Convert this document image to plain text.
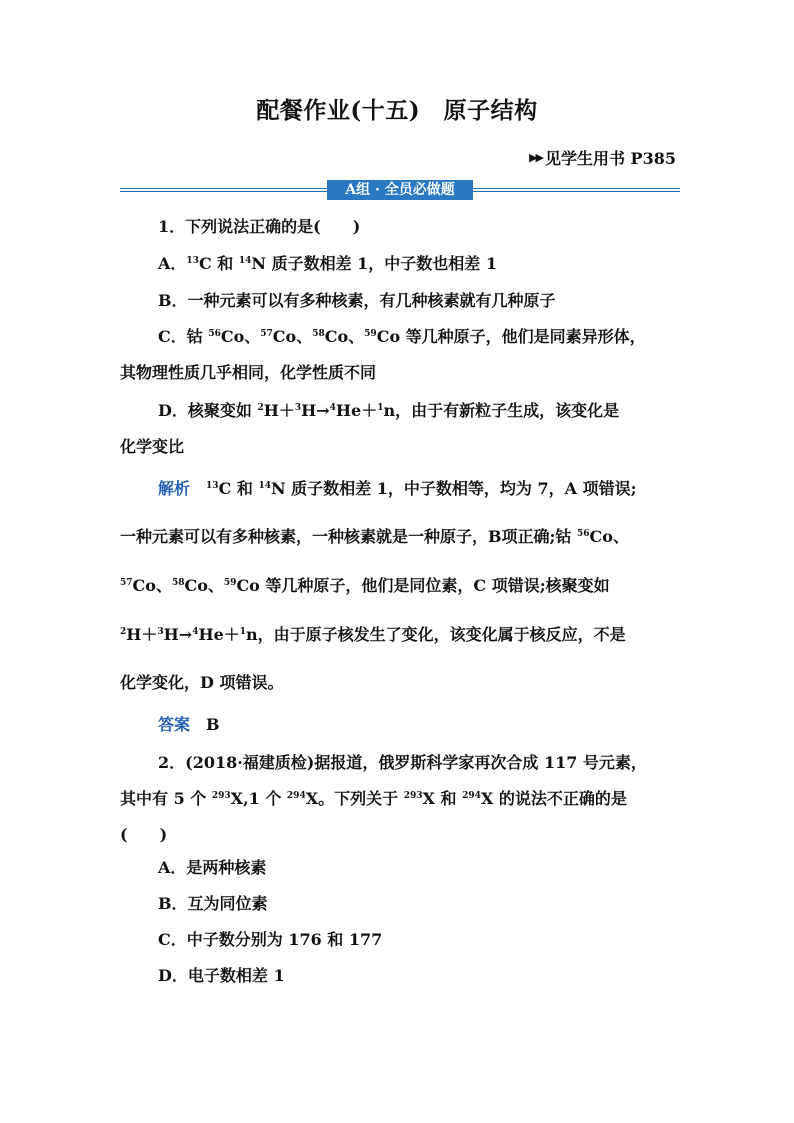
配餐作业(十五)　原子结构
▶▶ 见学生用书 P385
A组 · 全员必做题
1．下列说法正确的是(　　)
A．$^{13}$C 和 $^{14}$N 质子数相差 1，中子数也相差 1
B．一种元素可以有多种核素，有几种核素就有几种原子
C．钴 $^{56}$Co、$^{57}$Co、$^{58}$Co、$^{59}$Co 等几种原子，他们是同素异形体，
其物理性质几乎相同，化学性质不同
D．核聚变如 $^2$H＋$^3$H→$^4$He＋$^1$n，由于有新粒子生成，该变化是
化学变比
解析　 $^{13}$C 和 $^{14}$N 质子数相差 1，中子数相等，均为 7，A 项错误;
一种元素可以有多种核素，一种核素就是一种原子，B项正确;钴 $^{56}$Co、
$^{57}$Co、$^{58}$Co、$^{59}$Co 等几种原子，他们是同位素，C 项错误;核聚变如
$^2$H＋$^3$H→$^4$He＋$^1$n，由于原子核发生了变化，该变化属于核反应，不是
化学变化，D 项错误。
答案　 B
2．(2018·福建质检)据报道，俄罗斯科学家再次合成 117 号元素，
其中有 5 个 $^{293}$X,1 个 $^{294}$X。下列关于 $^{293}$X 和 $^{294}$X 的说法不正确的是
(　　)
A．是两种核素
B．互为同位素
C．中子数分别为 176 和 177
D．电子数相差 1
